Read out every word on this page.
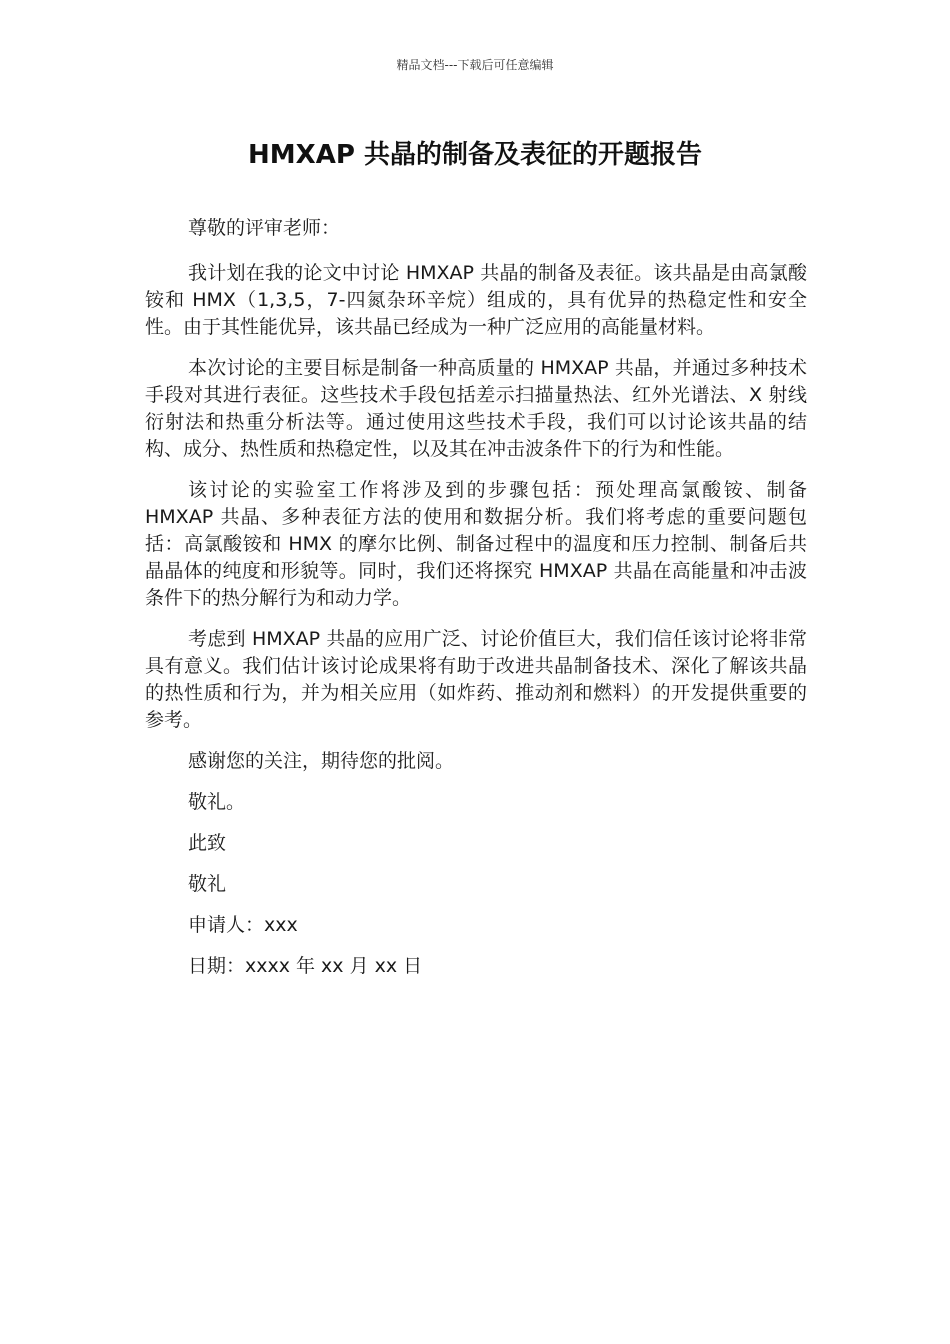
精品文档---下载后可任意编辑
HMXAP 共晶的制备及表征的开题报告

尊敬的评审老师：

我计划在我的论文中讨论 HMXAP 共晶的制备及表征。该共晶是由高氯酸铵和 HMX（1,3,5，7-四氮杂环辛烷）组成的，具有优异的热稳定性和安全性。由于其性能优异，该共晶已经成为一种广泛应用的高能量材料。

本次讨论的主要目标是制备一种高质量的 HMXAP 共晶，并通过多种技术手段对其进行表征。这些技术手段包括差示扫描量热法、红外光谱法、X 射线衍射法和热重分析法等。通过使用这些技术手段，我们可以讨论该共晶的结构、成分、热性质和热稳定性，以及其在冲击波条件下的行为和性能。

该讨论的实验室工作将涉及到的步骤包括：预处理高氯酸铵、制备 HMXAP 共晶、多种表征方法的使用和数据分析。我们将考虑的重要问题包括：高氯酸铵和 HMX 的摩尔比例、制备过程中的温度和压力控制、制备后共晶晶体的纯度和形貌等。同时，我们还将探究 HMXAP 共晶在高能量和冲击波条件下的热分解行为和动力学。

考虑到 HMXAP 共晶的应用广泛、讨论价值巨大，我们信任该讨论将非常具有意义。我们估计该讨论成果将有助于改进共晶制备技术、深化了解该共晶的热性质和行为，并为相关应用（如炸药、推动剂和燃料）的开发提供重要的参考。

感谢您的关注，期待您的批阅。

敬礼。

此致

敬礼

申请人：xxx

日期：xxxx 年 xx 月 xx 日
